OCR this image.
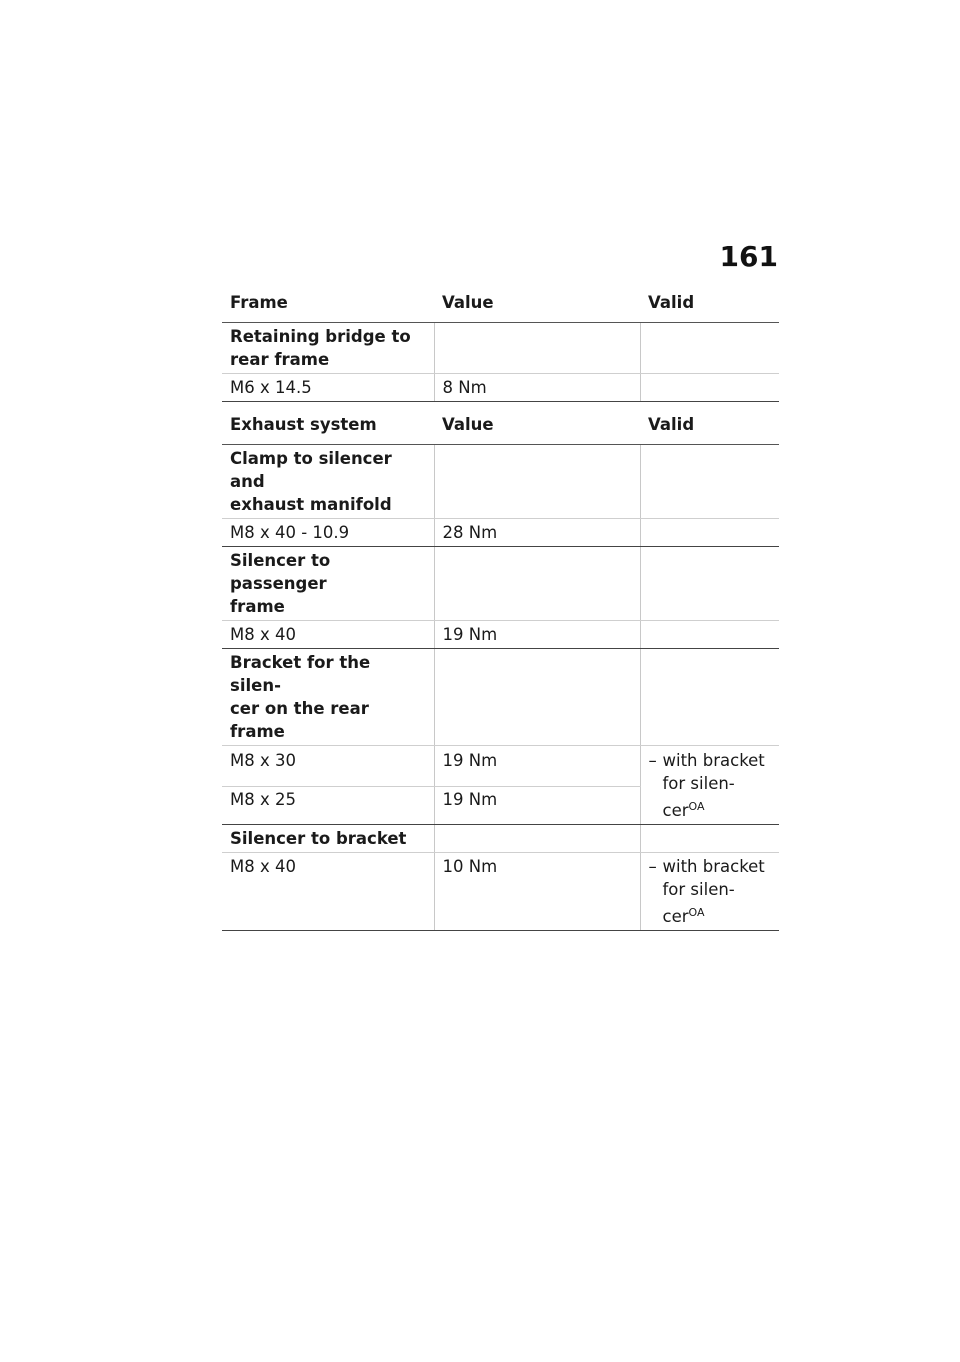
161
Frame	Value	Valid
Retaining bridge to
rear frame		
M6 x 14.5	8 Nm	
Exhaust system	Value	Valid
Clamp to silencer and
exhaust manifold		
M8 x 40 - 10.9	28 Nm	
Silencer to passenger
frame		
M8 x 40	19 Nm	
Bracket for the silen-
cer on the rear frame		
M8 x 30	19 Nm	– with bracket
for silen-
cer$^{OA}$

M8 x 25	19 Nm	
Silencer to bracket		
M8 x 40	10 Nm	– with bracket
for silen-
cer$^{OA}$
